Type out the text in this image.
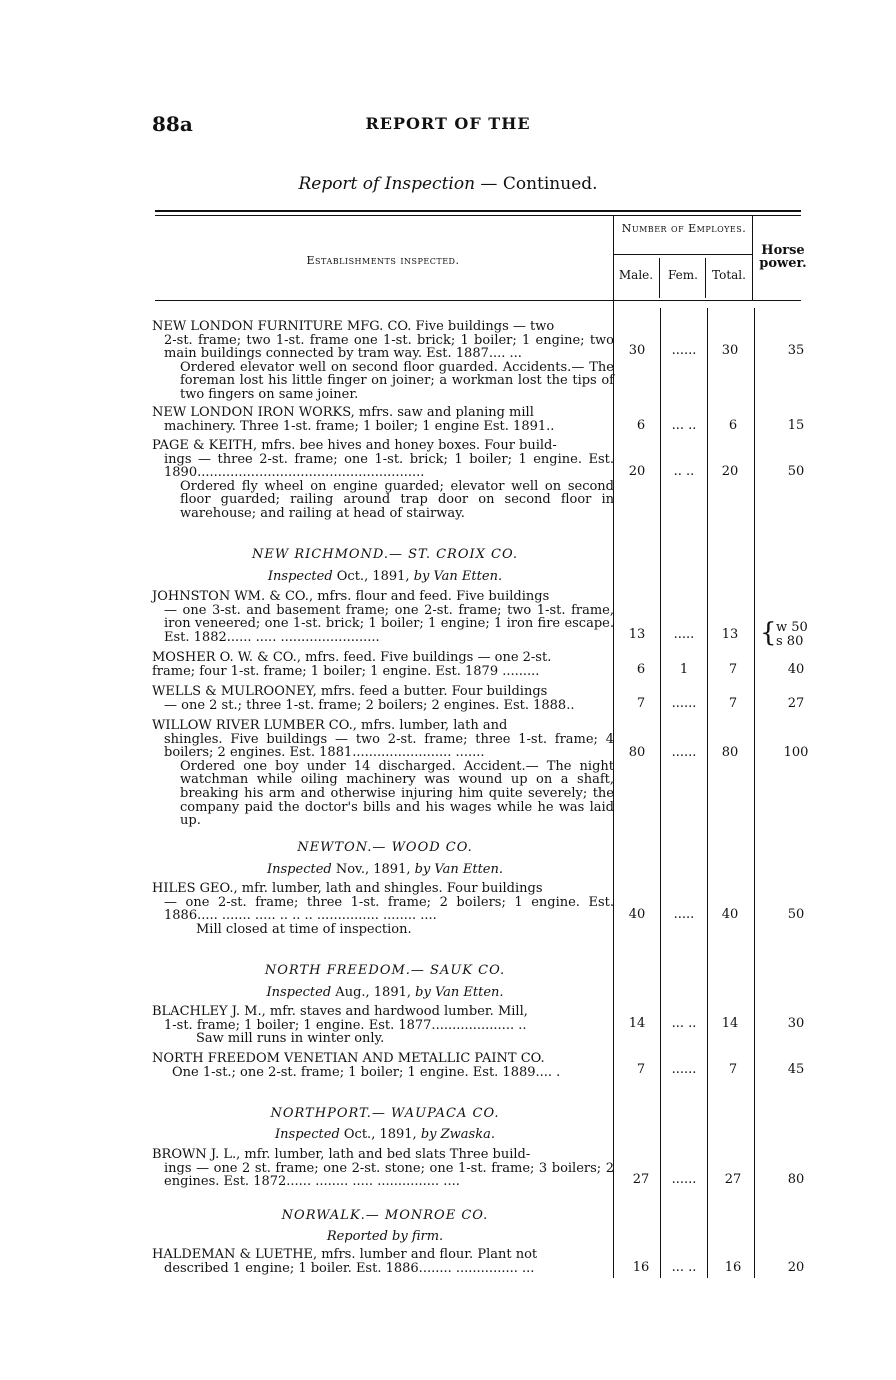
88a	REPORT OF THE
Report of Inspection — Continued.
Establishments inspected.
Number of Employes.
Male.	Fem.	Total.
Horse power.
NEW LONDON FURNITURE MFG. CO. Five buildings — two
2-st. frame; two 1-st. frame one 1-st. brick; 1 boiler; 1 engine; two main buildings connected by tram way. Est. 1887.... ...
Ordered elevator well on second floor guarded. Accidents.— The foreman lost his little finger on joiner; a workman lost the tips of two fingers on same joiner.
30	......	30	35
NEW LONDON IRON WORKS, mfrs. saw and planing mill
machinery. Three 1-st. frame; 1 boiler; 1 engine Est. 1891..	6	... ..	6	15
PAGE & KEITH, mfrs. bee hives and honey boxes. Four build-
ings — three 2-st. frame; one 1-st. brick; 1 boiler; 1 engine. Est. 1890.......................................................
Ordered fly wheel on engine guarded; elevator well on second floor guarded; railing around trap door on second floor in warehouse; and railing at head of stairway.
20	.. ..	20	50
NEW RICHMOND.— ST. CROIX CO.
Inspected Oct., 1891, by Van Etten.
JOHNSTON WM. & CO., mfrs. flour and feed. Five buildings
— one 3-st. and basement frame; one 2-st. frame; two 1-st. frame, iron veneered; one 1-st. brick; 1 boiler; 1 engine; 1 iron fire escape. Est. 1882...... ..... ........................	13	.....	13 { w 50
s 80
MOSHER O. W. & CO., mfrs. feed. Five buildings — one 2-st.
frame; four 1-st. frame; 1 boiler; 1 engine. Est. 1879 .........	6	1	7	40
WELLS & MULROONEY, mfrs. feed a butter. Four buildings
— one 2 st.; three 1-st. frame; 2 boilers; 2 engines. Est. 1888..	7	......	7	27
WILLOW RIVER LUMBER CO., mfrs. lumber, lath and
shingles. Five buildings — two 2-st. frame; three 1-st. frame; 4 boilers; 2 engines. Est. 1881........................ .......
Ordered one boy under 14 discharged. Accident.— The night watchman while oiling machinery was wound up on a shaft, breaking his arm and otherwise injuring him quite severely; the company paid the doctor's bills and his wages while he was laid up.
80	......	80	100
NEWTON.— WOOD CO.
Inspected Nov., 1891, by Van Etten.
HILES GEO., mfr. lumber, lath and shingles. Four buildings
— one 2-st. frame; three 1-st. frame; 2 boilers; 1 engine. Est. 1886..... ....... ..... .. .. .. ............... ........ ....
Mill closed at time of inspection.
40	.....	40	50
NORTH FREEDOM.— SAUK CO.
Inspected Aug., 1891, by Van Etten.
BLACHLEY J. M., mfr. staves and hardwood lumber. Mill,
1-st. frame; 1 boiler; 1 engine. Est. 1877.................... ..
Saw mill runs in winter only.
14	... ..	14	30
NORTH FREEDOM VENETIAN AND METALLIC PAINT CO.
One 1-st.; one 2-st. frame; 1 boiler; 1 engine. Est. 1889.... .	7	......	7	45
NORTHPORT.— WAUPACA CO.
Inspected Oct., 1891, by Zwaska.
BROWN J. L., mfr. lumber, lath and bed slats Three build-
ings — one 2 st. frame; one 2-st. stone; one 1-st. frame; 3 boilers; 2 engines. Est. 1872...... ........ ..... ............... ....	27	......	27	80
NORWALK.— MONROE CO.
Reported by firm.
HALDEMAN & LUETHE, mfrs. lumber and flour. Plant not
described 1 engine; 1 boiler. Est. 1886........ ............... ...	16	... ..	16	20
